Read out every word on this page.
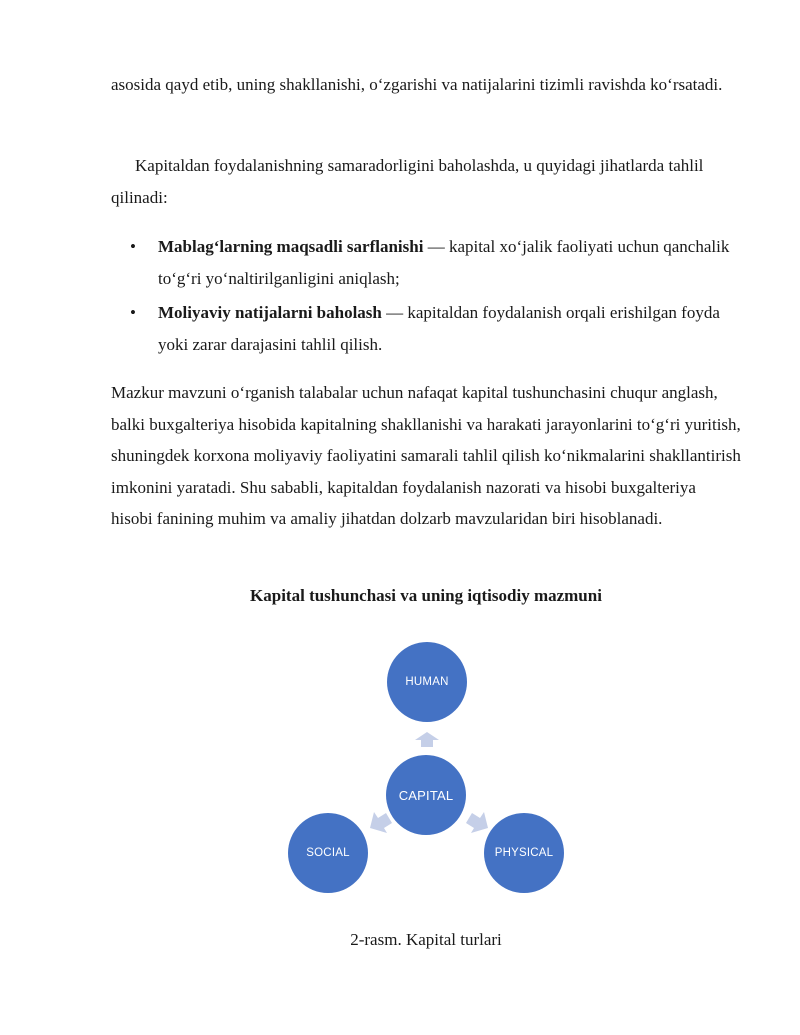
asosida qayd etib, uning shakllanishi, o‘zgarishi va natijalarini tizimli ravishda ko‘rsatadi.

Kapitaldan foydalanishning samaradorligini baholashda, u quyidagi jihatlarda tahlil qilinadi:

• Mablag‘larning maqsadli sarflanishi — kapital xo‘jalik faoliyati uchun qanchalik to‘g‘ri yo‘naltirilganligini aniqlash;
• Moliyaviy natijalarni baholash — kapitaldan foydalanish orqali erishilgan foyda yoki zarar darajasini tahlil qilish.

Mazkur mavzuni o‘rganish talabalar uchun nafaqat kapital tushunchasini chuqur anglash, balki buxgalteriya hisobida kapitalning shakllanishi va harakati jarayonlarini to‘g‘ri yuritish, shuningdek korxona moliyaviy faoliyatini samarali tahlil qilish ko‘nikmalarini shakllantirish imkonini yaratadi. Shu sababli, kapitaldan foydalanish nazorati va hisobi buxgalteriya hisobi fanining muhim va amaliy jihatdan dolzarb mavzularidan biri hisoblanadi.

Kapital tushunchasi va uning iqtisodiy mazmuni
HUMAN
CAPITAL
SOCIAL	PHYSICAL

2-rasm. Kapital turlari
